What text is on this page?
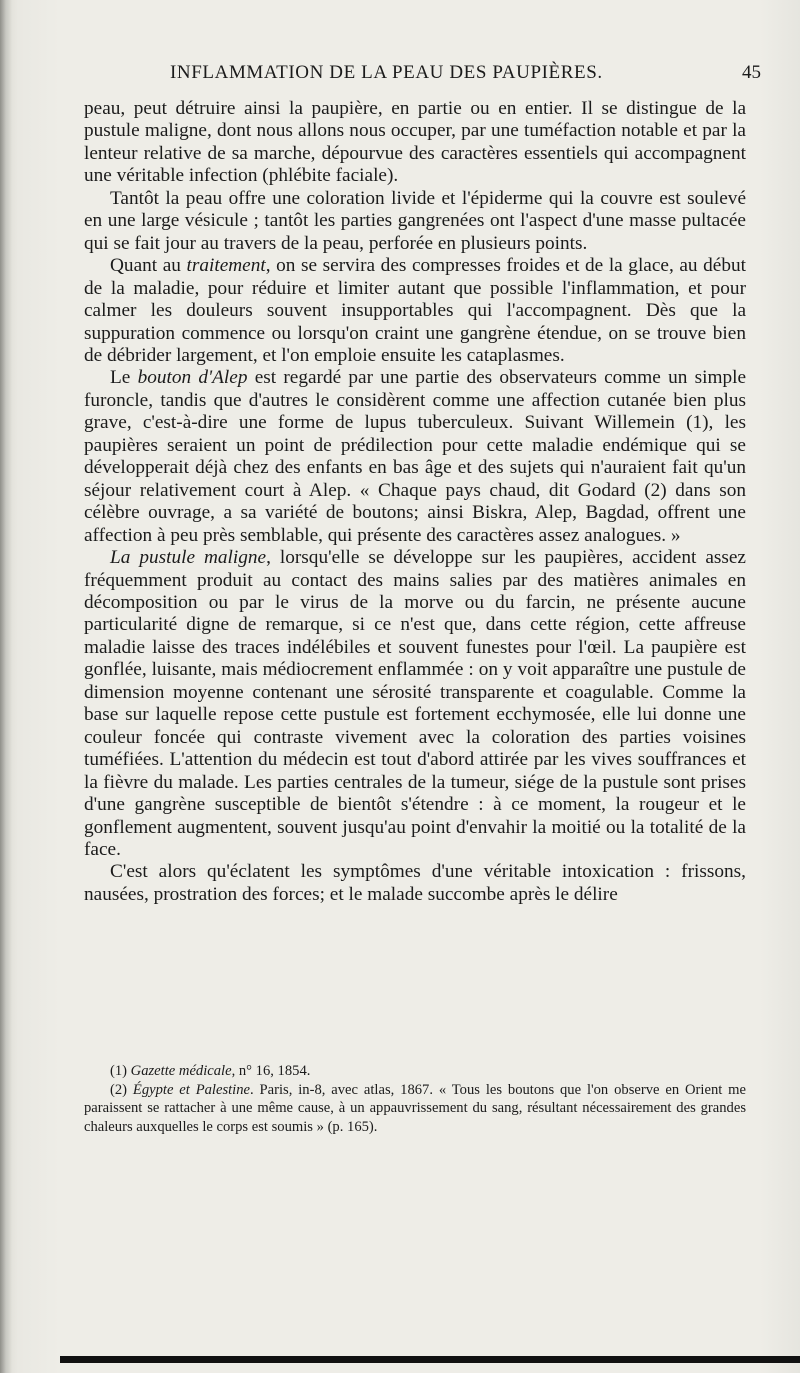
INFLAMMATION DE LA PEAU DES PAUPIÈRES.	45

peau, peut détruire ainsi la paupière, en partie ou en entier. Il se distingue de la pustule maligne, dont nous allons nous occuper, par une tuméfaction notable et par la lenteur relative de sa marche, dépourvue des caractères essentiels qui accompagnent une véritable infection (phlébite faciale).

Tantôt la peau offre une coloration livide et l'épiderme qui la couvre est soulevé en une large vésicule ; tantôt les parties gangrenées ont l'aspect d'une masse pultacée qui se fait jour au travers de la peau, perforée en plusieurs points.

Quant au traitement, on se servira des compresses froides et de la glace, au début de la maladie, pour réduire et limiter autant que possible l'inflammation, et pour calmer les douleurs souvent insupportables qui l'accompagnent. Dès que la suppuration commence ou lorsqu'on craint une gangrène étendue, on se trouve bien de débrider largement, et l'on emploie ensuite les cataplasmes.

Le bouton d'Alep est regardé par une partie des observateurs comme un simple furoncle, tandis que d'autres le considèrent comme une affection cutanée bien plus grave, c'est-à-dire une forme de lupus tuberculeux. Suivant Willemein (1), les paupières seraient un point de prédilection pour cette maladie endémique qui se développerait déjà chez des enfants en bas âge et des sujets qui n'auraient fait qu'un séjour relativement court à Alep. « Chaque pays chaud, dit Godard (2) dans son célèbre ouvrage, a sa variété de boutons; ainsi Biskra, Alep, Bagdad, offrent une affection à peu près semblable, qui présente des caractères assez analogues. »

La pustule maligne, lorsqu'elle se développe sur les paupières, accident assez fréquemment produit au contact des mains salies par des matières animales en décomposition ou par le virus de la morve ou du farcin, ne présente aucune particularité digne de remarque, si ce n'est que, dans cette région, cette affreuse maladie laisse des traces indélébiles et souvent funestes pour l'œil. La paupière est gonflée, luisante, mais médiocrement enflammée : on y voit apparaître une pustule de dimension moyenne contenant une sérosité transparente et coagulable. Comme la base sur laquelle repose cette pustule est fortement ecchymosée, elle lui donne une couleur foncée qui contraste vivement avec la coloration des parties voisines tuméfiées. L'attention du médecin est tout d'abord attirée par les vives souffrances et la fièvre du malade. Les parties centrales de la tumeur, siége de la pustule sont prises d'une gangrène susceptible de bientôt s'étendre : à ce moment, la rougeur et le gonflement augmentent, souvent jusqu'au point d'envahir la moitié ou la totalité de la face.

C'est alors qu'éclatent les symptômes d'une véritable intoxication : frissons, nausées, prostration des forces; et le malade succombe après le délire

(1) Gazette médicale, n° 16, 1854.

(2) Égypte et Palestine. Paris, in-8, avec atlas, 1867. « Tous les boutons que l'on observe en Orient me paraissent se rattacher à une même cause, à un appauvrissement du sang, résultant nécessairement des grandes chaleurs auxquelles le corps est soumis » (p. 165).
